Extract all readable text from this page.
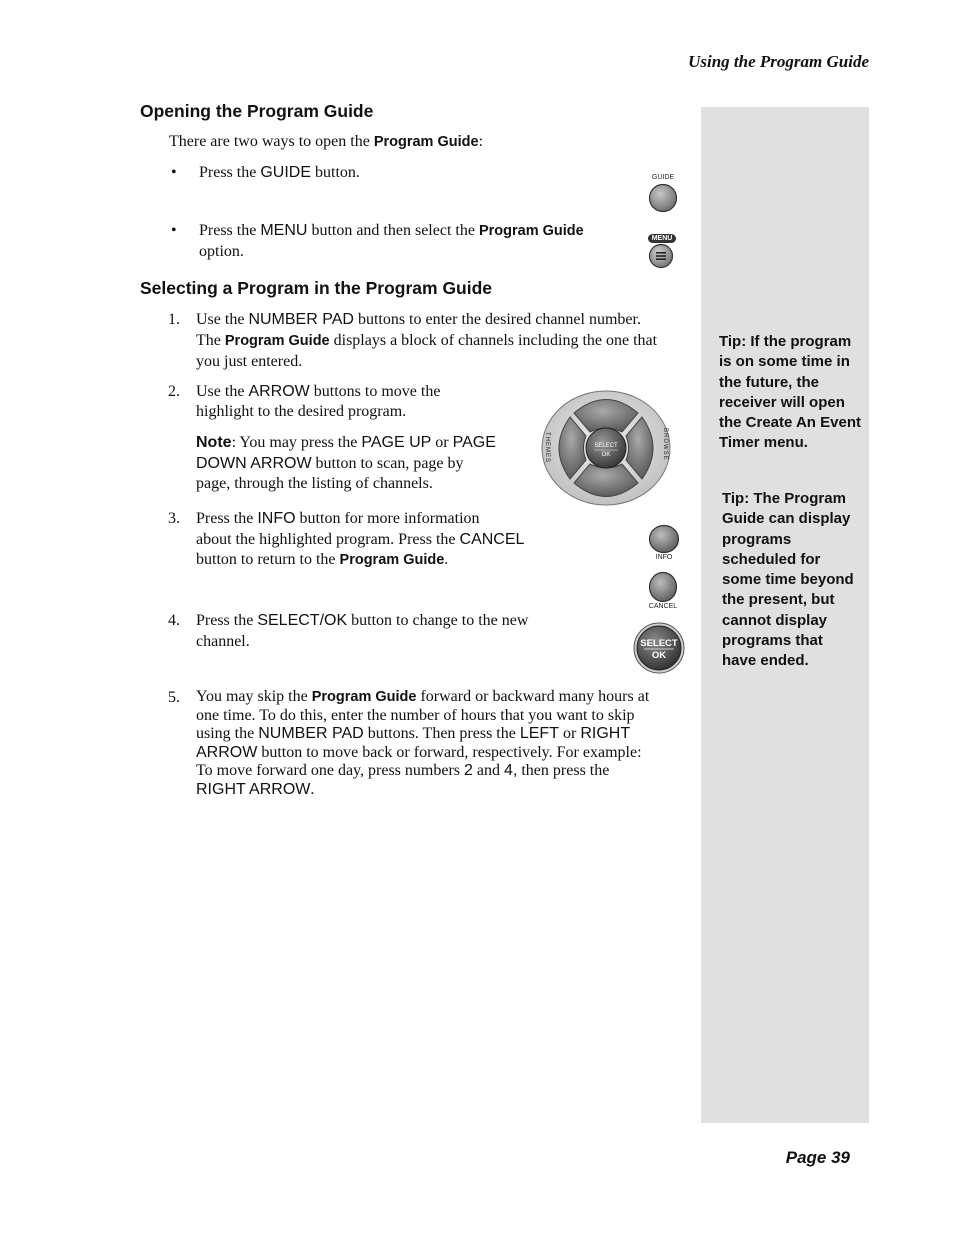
Using the Program Guide
Tip: If the program
is on some time in
the future, the
receiver will open
the Create An Event
Timer menu.
Tip: The Program
Guide can display
programs
scheduled for
some time beyond
the present, but
cannot display
programs that
have ended.
Opening the Program Guide
There are two ways to open the Program Guide:
• Press the GUIDE button.
• Press the MENU button and then select the Program Guide
option.
GUIDE
MENU
Selecting a Program in the Program Guide
1. Use the NUMBER PAD buttons to enter the desired channel number.
The Program Guide displays a block of channels including the one that
you just entered.
2. Use the ARROW buttons to move the
highlight to the desired program.
Note: You may press the PAGE UP or PAGE
DOWN ARROW button to scan, page by
page, through the listing of channels.
SELECT
OK
THEMES	BROWSE
3. Press the INFO button for more information
about the highlighted program. Press the CANCEL
button to return to the Program Guide.	INFO
CANCEL
4. Press the SELECT/OK button to change to the new
channel.	SELECT
OK
5. You may skip the Program Guide forward or backward many hours at
one time. To do this, enter the number of hours that you want to skip
using the NUMBER PAD buttons. Then press the LEFT or RIGHT
ARROW button to move back or forward, respectively. For example:
To move forward one day, press numbers 2 and 4, then press the
RIGHT ARROW.
Page 39
